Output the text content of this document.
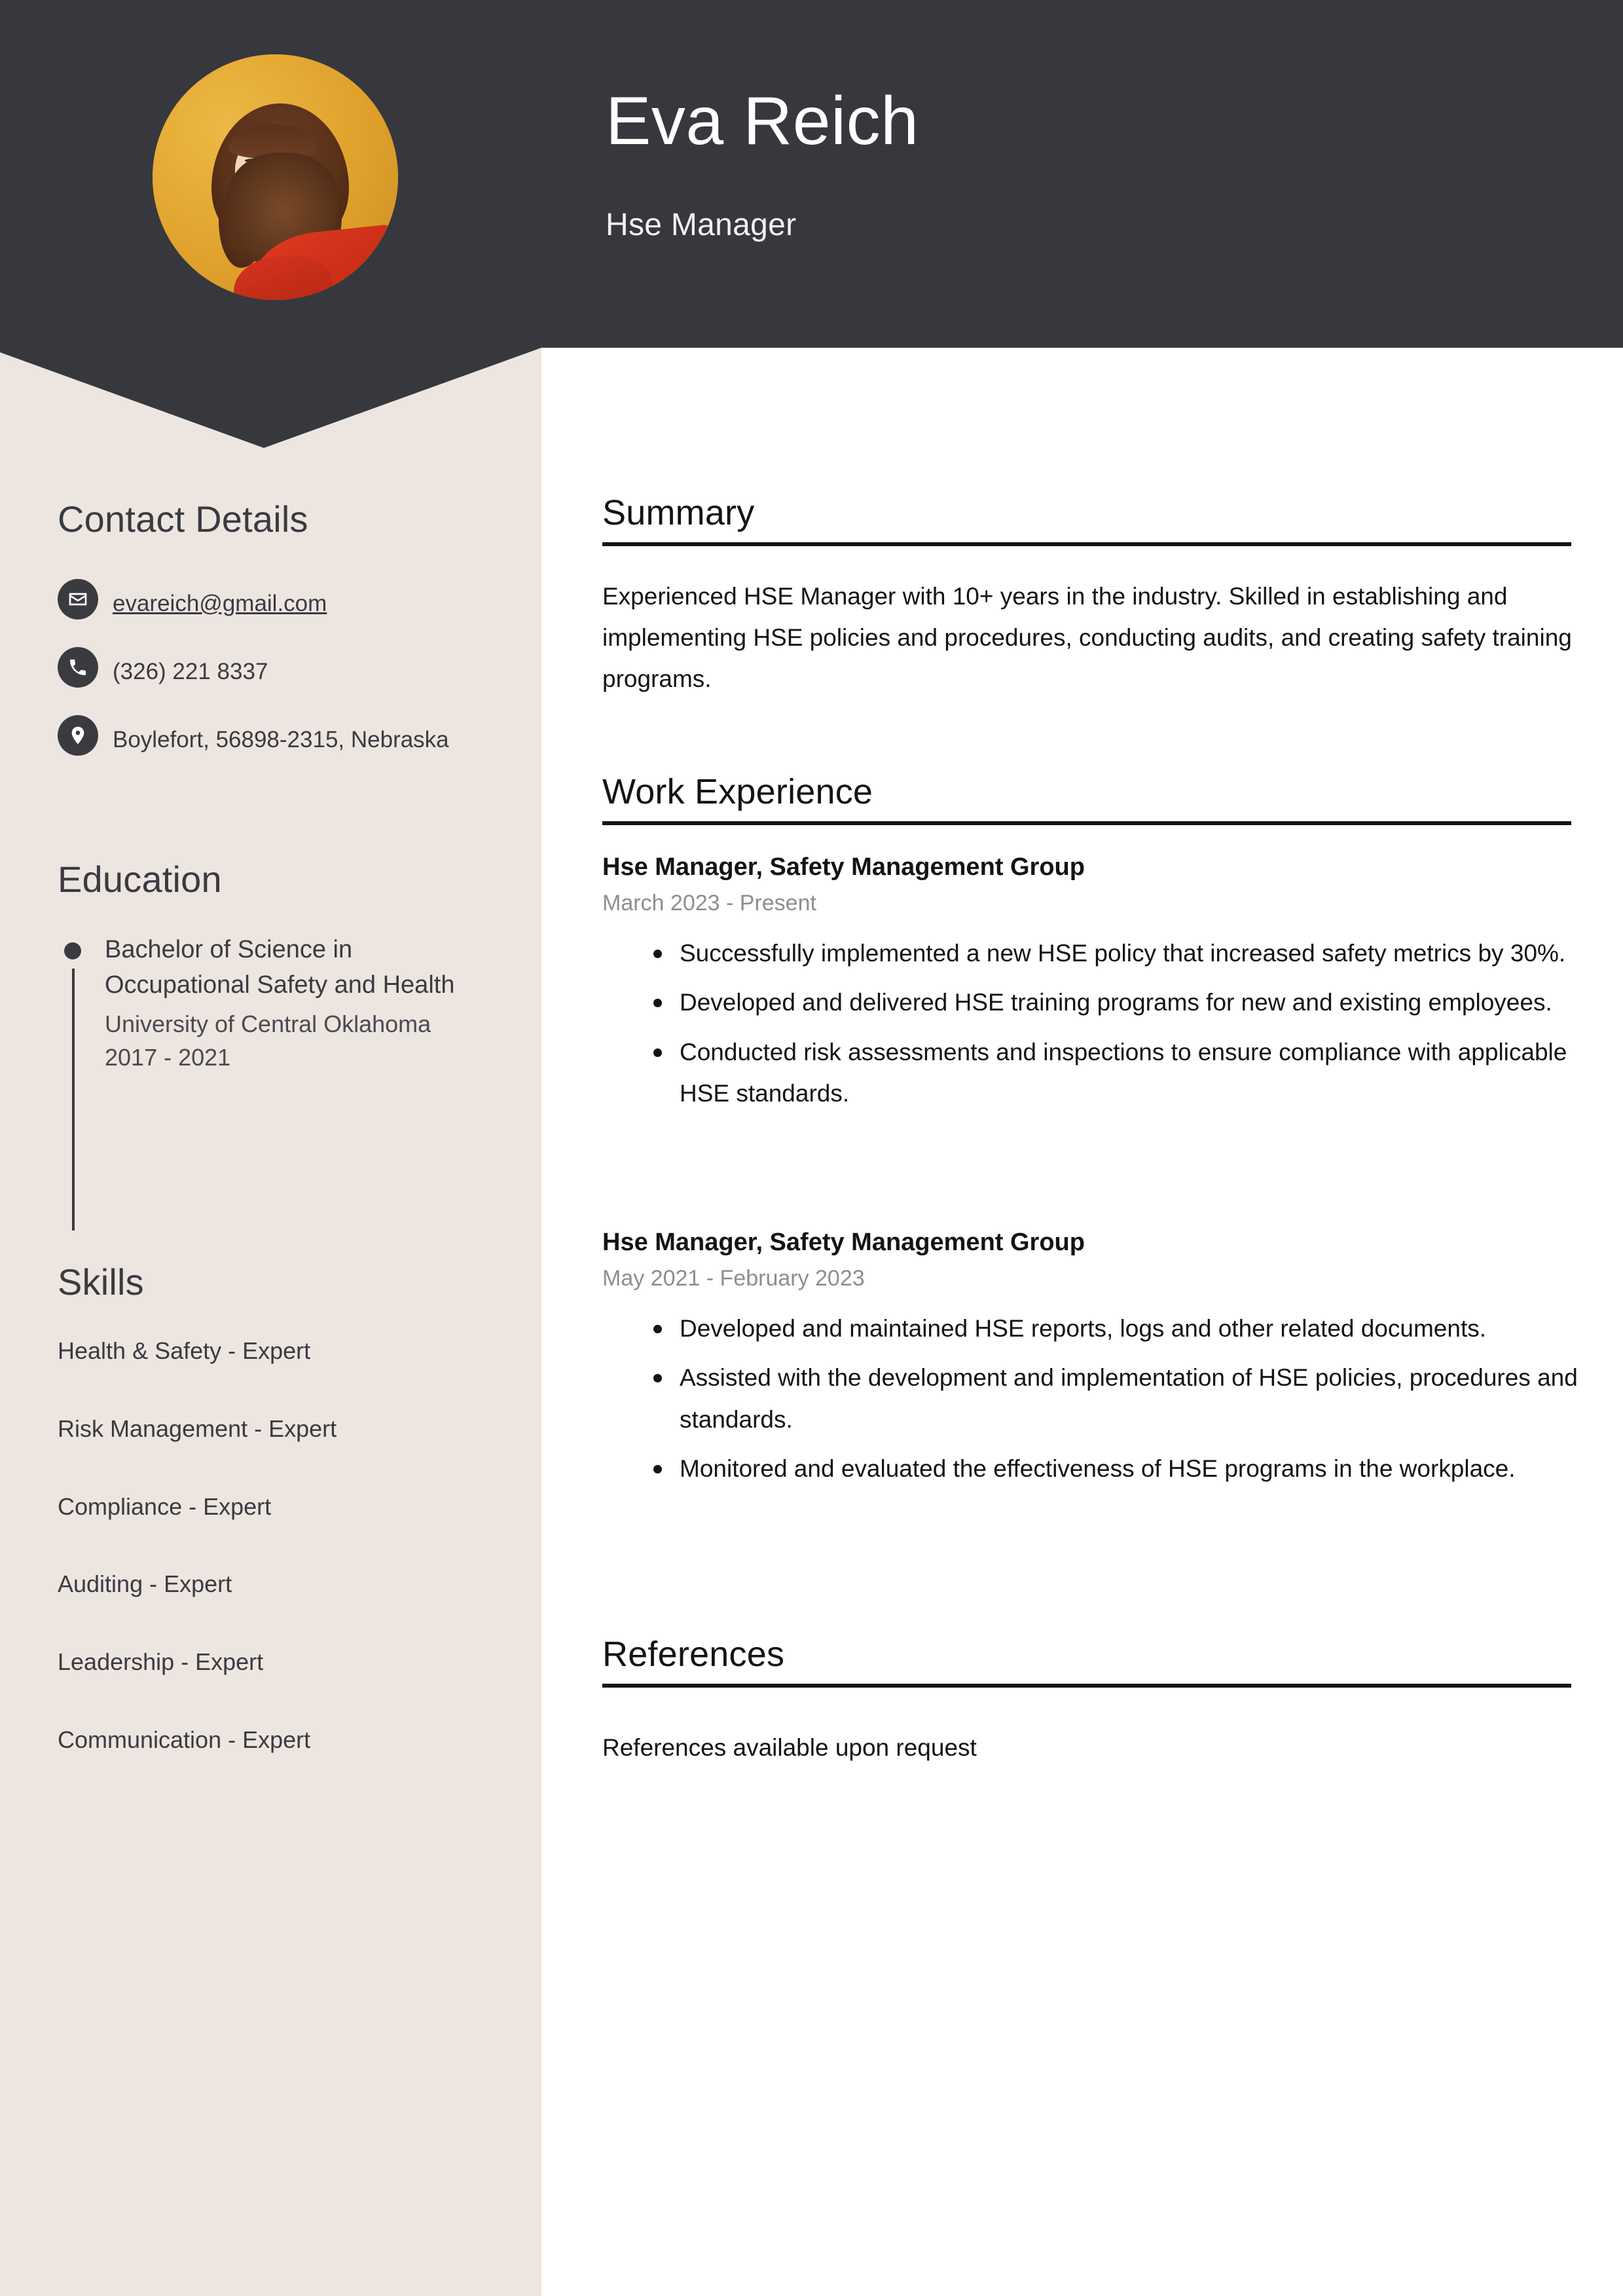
Eva Reich
Hse Manager
Contact Details
evareich@gmail.com
(326) 221 8337
Boylefort, 56898-2315, Nebraska
Education
Bachelor of Science in Occupational Safety and Health
University of Central Oklahoma
2017 - 2021
Skills
Health & Safety - Expert
Risk Management - Expert
Compliance - Expert
Auditing - Expert
Leadership - Expert
Communication - Expert
Summary
Experienced HSE Manager with 10+ years in the industry. Skilled in establishing and implementing HSE policies and procedures, conducting audits, and creating safety training programs.
Work Experience
Hse Manager, Safety Management Group
March 2023 - Present
Successfully implemented a new HSE policy that increased safety metrics by 30%.
Developed and delivered HSE training programs for new and existing employees.
Conducted risk assessments and inspections to ensure compliance with applicable HSE standards.
Hse Manager, Safety Management Group
May 2021 - February 2023
Developed and maintained HSE reports, logs and other related documents.
Assisted with the development and implementation of HSE policies, procedures and standards.
Monitored and evaluated the effectiveness of HSE programs in the workplace.
References
References available upon request
